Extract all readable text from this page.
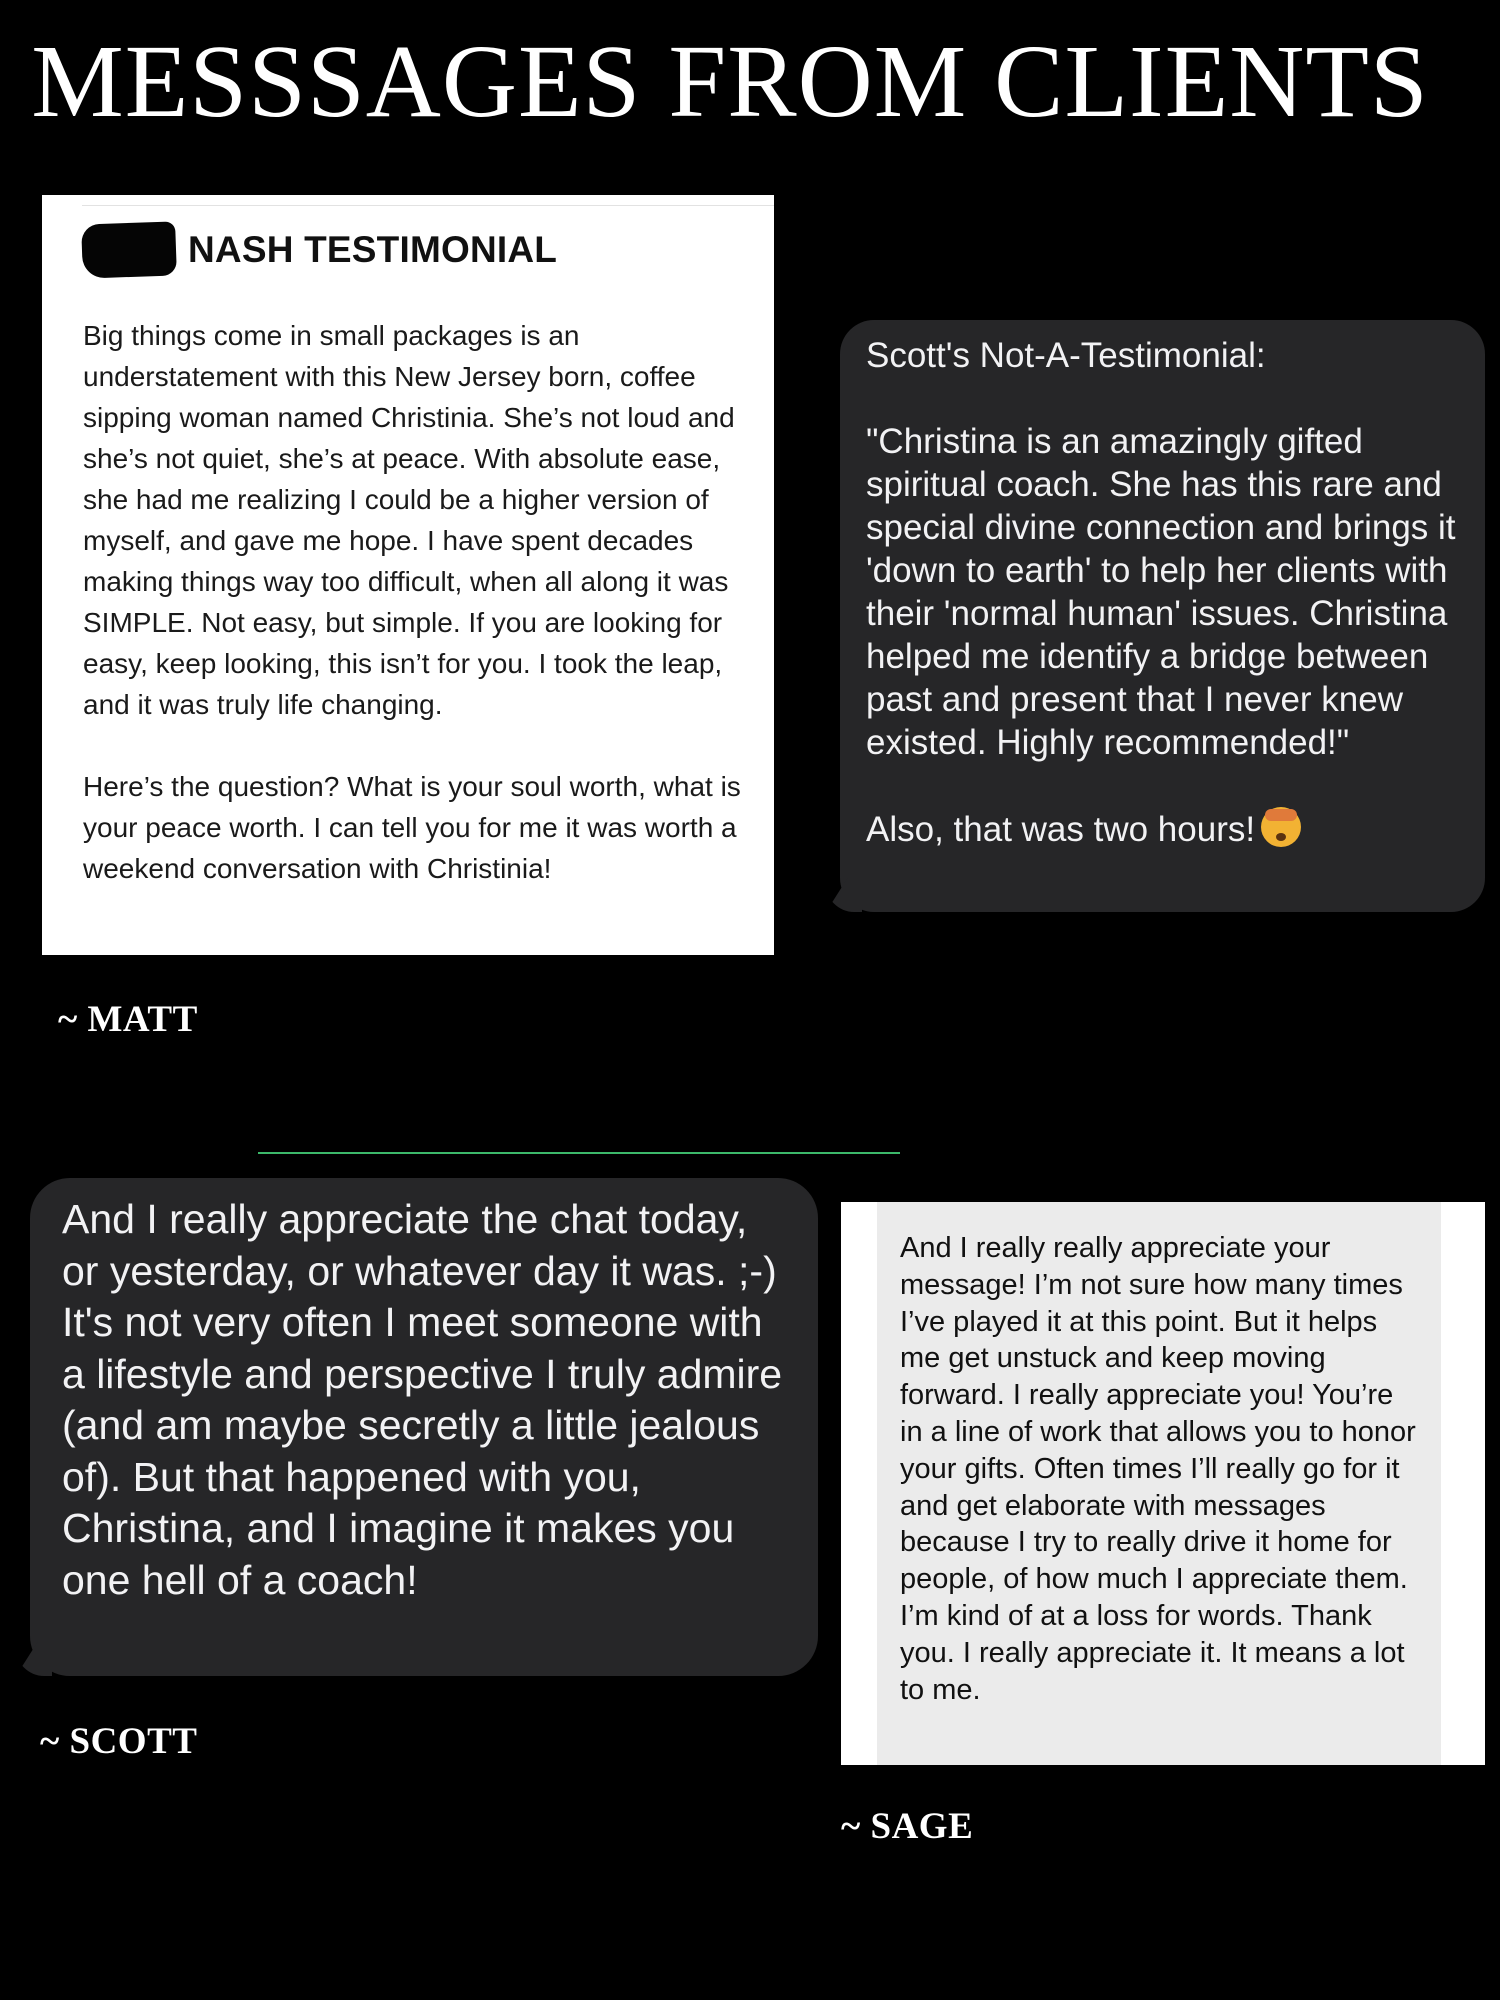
MESSSAGES FROM CLIENTS
NASH TESTIMONIAL

Big things come in small packages is an understatement with this New Jersey born, coffee sipping woman named Christinia. She’s not loud and she’s not quiet, she’s at peace. With absolute ease, she had me realizing I could be a higher version of myself, and gave me hope. I have spent decades making things way too difficult, when all along it was SIMPLE. Not easy, but simple. If you are looking for easy, keep looking, this isn’t for you. I took the leap, and it was truly life changing.

Here’s the question? What is your soul worth, what is your peace worth. I can tell you for me it was worth a weekend conversation with Christinia!

~ MATT

Scott's Not-A-Testimonial:

"Christina is an amazingly gifted spiritual coach. She has this rare and special divine connection and brings it 'down to earth' to help her clients with their 'normal human' issues. Christina helped me identify a bridge between past and present that I never knew existed. Highly recommended!"

Also, that was two hours!

And I really appreciate the chat today, or yesterday, or whatever day it was. ;-) It's not very often I meet someone with a lifestyle and perspective I truly admire (and am maybe secretly a little jealous of). But that happened with you, Christina, and I imagine it makes you one hell of a coach!
~ SCOTT
And I really really appreciate your message! I’m not sure how many times I’ve played it at this point. But it helps me get unstuck and keep moving forward. I really appreciate you! You’re in a line of work that allows you to honor your gifts. Often times I’ll really go for it and get elaborate with messages because I try to really drive it home for people, of how much I appreciate them. I’m kind of at a loss for words. Thank you. I really appreciate it. It means a lot to me.
~ SAGE
